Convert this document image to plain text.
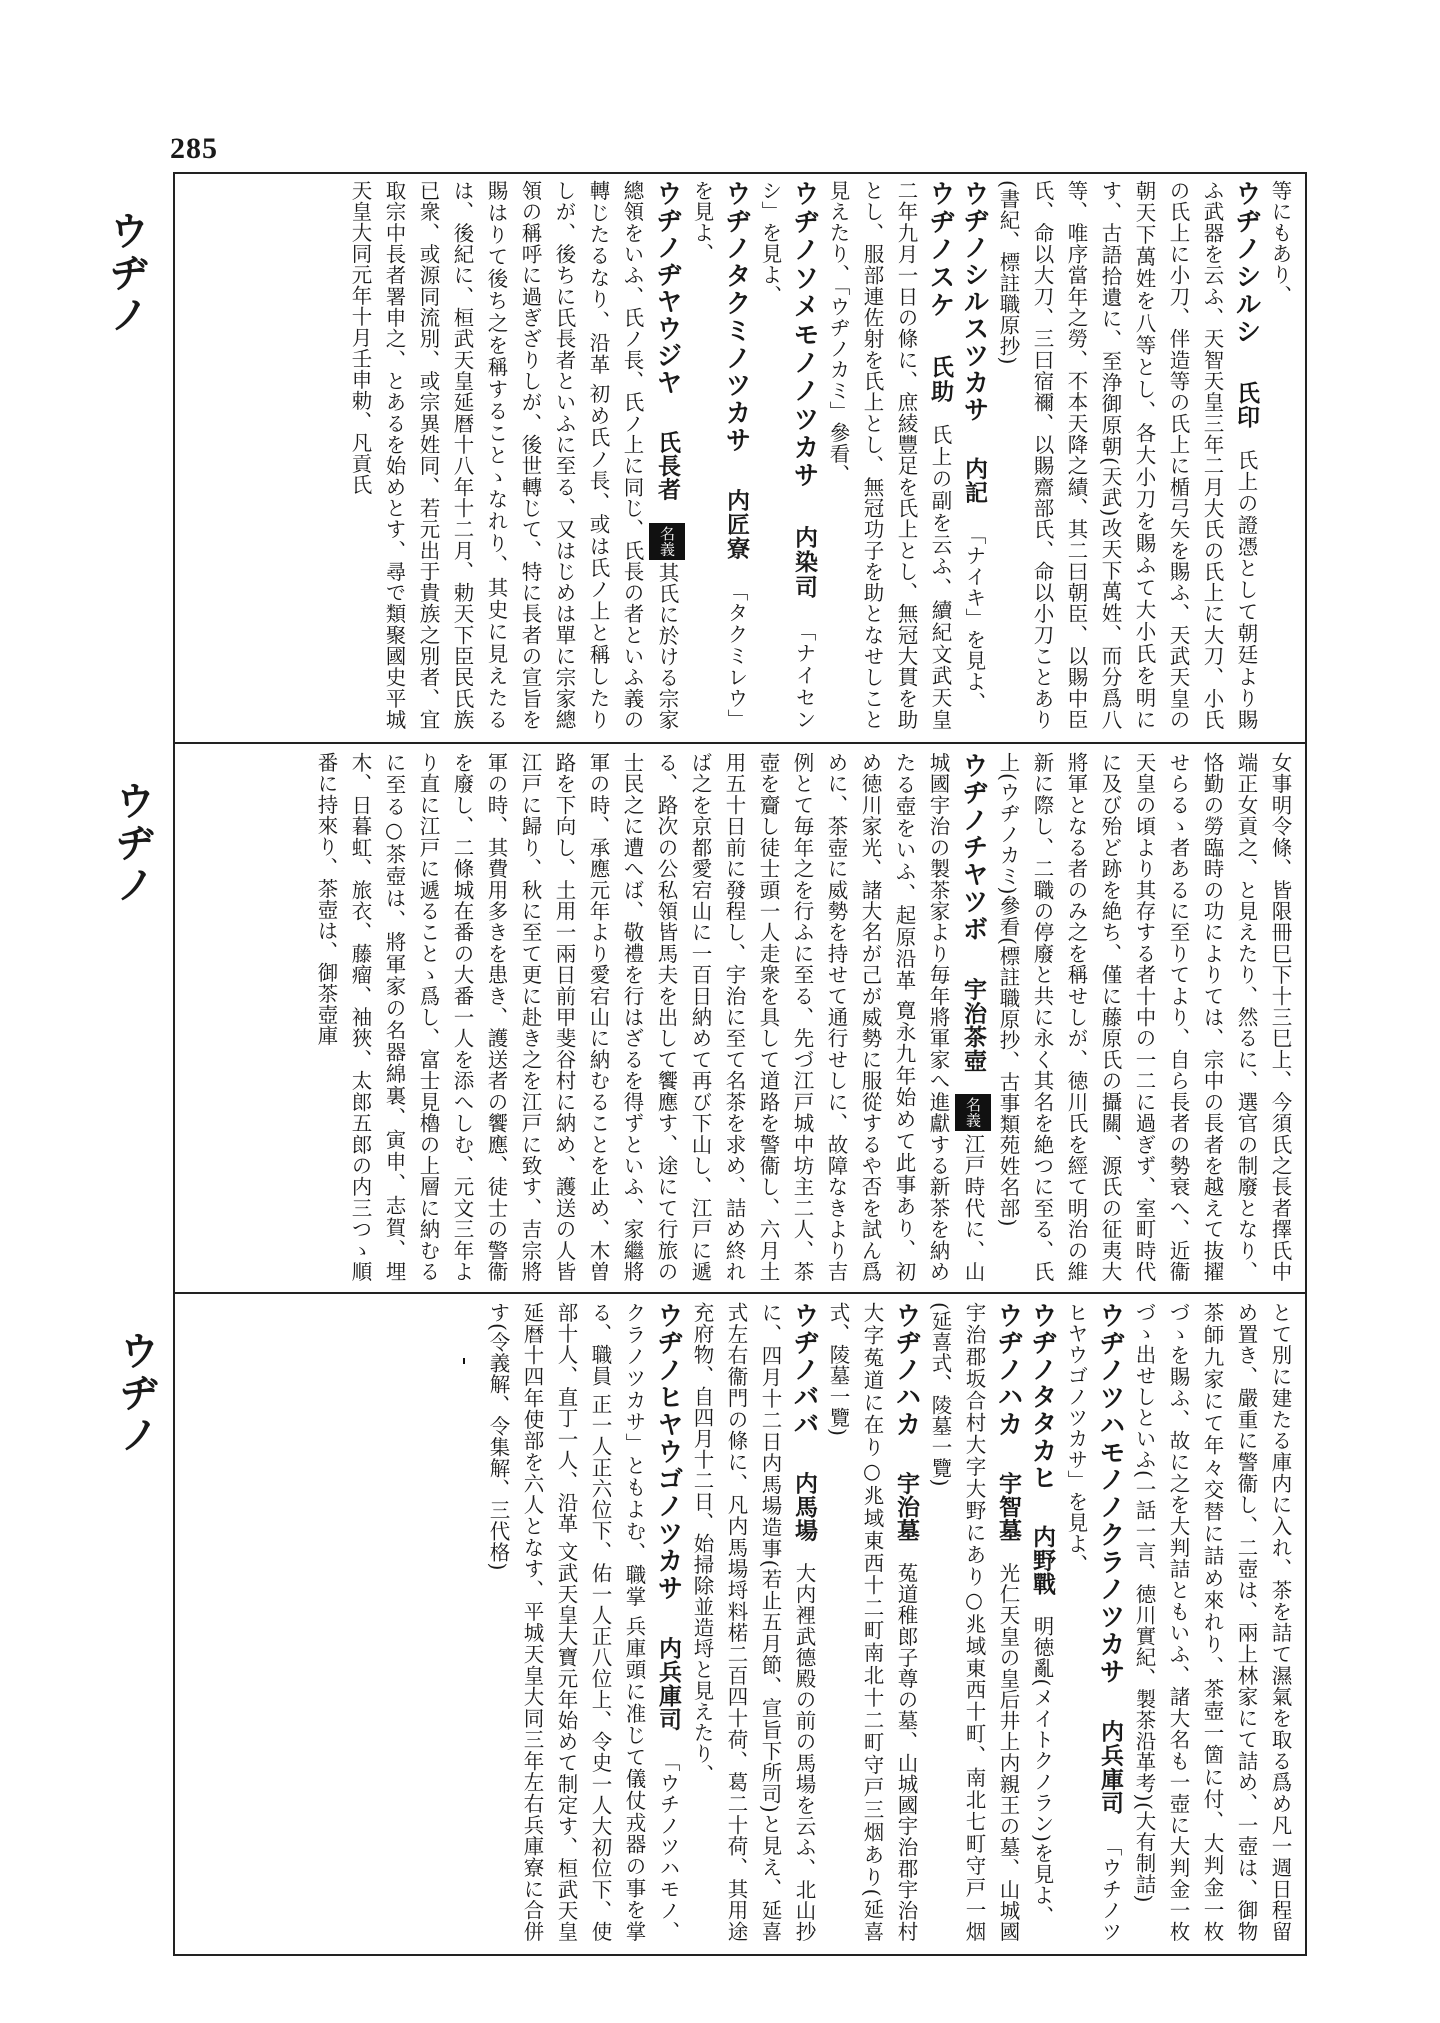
285
ウヂノ
ウヂノ
ウヂノ

等にもあり、

ウヂノシルシ氏印氏上の證憑として朝廷より賜ふ武器を云ふ、天智天皇三年二月大氏の氏上に大刀、小氏の氏上に小刀、伴造等の氏上に楯弓矢を賜ふ、天武天皇の朝天下萬姓を八等とし、各大小刀を賜ふて大小氏を明にす、古語拾遺に、至浄御原朝(天武)改天下萬姓、而分爲八等、唯序當年之勞、不本天降之績、其二曰朝臣、以賜中臣氏、命以大刀、三曰宿禰、以賜齋部氏、命以小刀ことあり(書紀、標註職原抄)

ウヂノシルスツカサ内記「ナイキ」を見よ、

ウヂノスケ氏助氏上の副を云ふ、續紀文武天皇二年九月一日の條に、庶綾豐足を氏上とし、無冠大貫を助とし、服部連佐射を氏上とし、無冠功子を助となせしこと見えたり、「ウヂノカミ」參看、

ウヂノソメモノノツカサ内染司「ナイセンシ」を見よ、

ウヂノタクミノツカサ内匠寮「タクミレウ」を見よ、

ウヂノヂヤウジヤ氏長者名義其氏に於ける宗家總領をいふ、氏ノ長、氏ノ上に同じ、氏長の者といふ義の轉じたるなり、沿革 初め氏ノ長、或は氏ノ上と稱したりしが、後ちに氏長者といふに至る、又はじめは單に宗家總領の稱呼に過ぎざりしが、後世轉じて、特に長者の宣旨を賜はりて後ち之を稱することゝなれり、其史に見えたるは、後紀に、桓武天皇延暦十八年十二月、勅天下臣民氏族已衆、或源同流別、或宗異姓同、若元出于貴族之別者、宜取宗中長者署申之、とあるを始めとす、尋で類聚國史平城天皇大同元年十月壬申勅、凡貢氏

女事明令條、皆限冊巳下十三巳上、今須氏之長者擇氏中端正女貢之、と見えたり、然るに、選官の制廢となり、恪勤の勞臨時の功によりては、宗中の長者を越えて抜擢せらるゝ者あるに至りてより、自ら長者の勢衰へ、近衞天皇の頃より其存する者十中の一二に過ぎず、室町時代に及び殆ど跡を絶ち、僅に藤原氏の攝關、源氏の征夷大將軍となる者のみ之を稱せしが、徳川氏を經て明治の維新に際し、二職の停廢と共に永く其名を絶つに至る、氏上(ウヂノカミ)參看(標註職原抄、古事類苑姓名部)

ウヂノチヤツボ宇治茶壺名義江戸時代に、山城國宇治の製茶家より毎年將軍家へ進獻する新茶を納めたる壺をいふ、起原沿革 寛永九年始めて此事あり、初め徳川家光、諸大名が己が威勢に服從するや否を試ん爲めに、茶壺に威勢を持せて通行せしに、故障なきより吉例とて毎年之を行ふに至る、先づ江戸城中坊主二人、茶壺を齎し徒士頭一人走衆を具して道路を警衞し、六月土用五十日前に發程し、宇治に至て名茶を求め、詰め終れば之を京都愛宕山に一百日納めて再び下山し、江戸に遞る、路次の公私領皆馬夫を出して饗應す、途にて行旅の士民之に遭へば、敬禮を行はざるを得ずといふ、家繼將軍の時、承應元年より愛宕山に納むることを止め、木曽路を下向し、土用一兩日前甲斐谷村に納め、護送の人皆江戸に歸り、秋に至て更に赴き之を江戸に致す、吉宗將軍の時、其費用多きを患き、護送者の饗應、徒士の警衞を廢し、二條城在番の大番一人を添へしむ、元文三年より直に江戸に遞ることゝ爲し、富士見櫓の上層に納むるに至る○茶壺は、將軍家の名器綿裏、寅申、志賀、埋木、日暮虹、旅衣、藤瘤、袖狹、太郎五郎の内三つゝ順番に持來り、茶壺は、御茶壺庫

とて別に建たる庫内に入れ、茶を詰て濕氣を取る爲め凡一週日程留め置き、嚴重に警衞し、二壺は、兩上林家にて詰め、一壺は、御物茶師九家にて年々交替に詰め來れり、茶壺一箇に付、大判金一枚づゝを賜ふ、故に之を大判詰ともいふ、諸大名も一壺に大判金一枚づゝ出せしといふ(一話一言、徳川實紀、製茶沿革考)(大有制詰)

ウヂノツハモノノクラノツカサ内兵庫司「ウチノツヒヤウゴノツカサ」を見よ、

ウヂノタタカヒ内野戰明徳亂(メイトクノラン)を見よ、

ウヂノハカ宇智墓光仁天皇の皇后井上内親王の墓、山城國宇治郡坂合村大字大野にあり○兆域東西十町、南北七町守戸一烟(延喜式、陵墓一覽)

ウヂノハカ宇治墓菟道稚郎子尊の墓、山城國宇治郡宇治村大字菟道に在り○兆域東西十二町南北十二町守戸三烟あり(延喜式、陵墓一覽)

ウヂノババ内馬場大内裡武德殿の前の馬場を云ふ、北山抄に、四月十二日内馬場造事(若止五月節、宣旨下所司)と見え、延喜式左右衞門の條に、凡内馬場埒料楉二百四十荷、葛二十荷、其用途充府物、自四月十二日、始掃除並造埒と見えたり、

ウヂノヒヤウゴノツカサ内兵庫司「ウチノツハモノ、クラノツカサ」ともよむ、職掌 兵庫頭に准じて儀仗戎器の事を掌る、職員 正一人正六位下、佑一人正八位上、令史一人大初位下、使部十人、直丁一人、沿革 文武天皇大寶元年始めて制定す、桓武天皇延暦十四年使部を六人となす、平城天皇大同三年左右兵庫寮に合併す(令義解、令集解、三代格)
